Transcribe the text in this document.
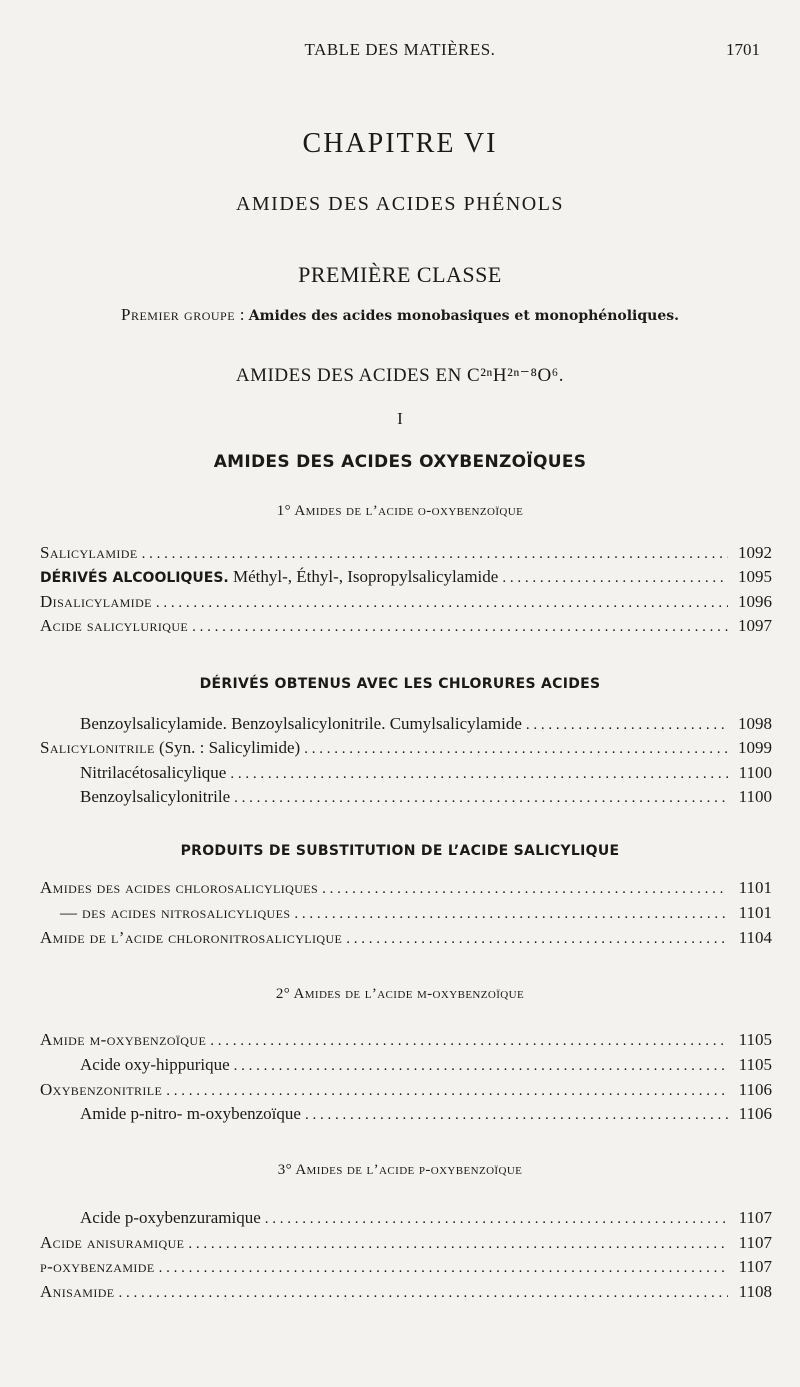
TABLE DES MATIÈRES.	1701
CHAPITRE VI
AMIDES DES ACIDES PHÉNOLS
PREMIÈRE CLASSE
Premier groupe : Amides des acides monobasiques et monophénoliques.
AMIDES DES ACIDES EN C²ⁿH²ⁿ⁻⁸O⁶.
I
AMIDES DES ACIDES OXYBENZOÏQUES
1° Amides de l’acide o-oxybenzoïque
Salicylamide . . .	1092
DÉRIVÉS ALCOOLIQUES. Méthyl-, Éthyl-, Isopropylsalicylamide . . .	1095
Disalicylamide . . .	1096
Acide salicylurique . . .	1097
DÉRIVÉS OBTENUS AVEC LES CHLORURES ACIDES
Benzoylsalicylamide. Benzoylsalicylonitrile. Cumylsalicylamide . . .	1098
Salicylonitrile (Syn. : Salicylimide) . . .	1099
Nitrilacétosalicylique . . .	1100
Benzoylsalicylonitrile . . .	1100
PRODUITS DE SUBSTITUTION DE L’ACIDE SALICYLIQUE
Amides des acides chlorosalicyliques . . .	1101
— des acides nitrosalicyliques . . .	1101
Amide de l’acide chloronitrosalicylique . . .	1104
2° Amides de l’acide m-oxybenzoïque
Amide m-oxybenzoïque . . .	1105
Acide oxy-hippurique . . .	1105
Oxybenzonitrile . . .	1106
Amide p-nitro- m-oxybenzoïque . . .	1106
3° Amides de l’acide p-oxybenzoïque
Acide p-oxybenzuramique . . .	1107
Acide anisuramique . . .	1107
p-oxybenzamide . . .	1107
Anisamide . . .	1108
